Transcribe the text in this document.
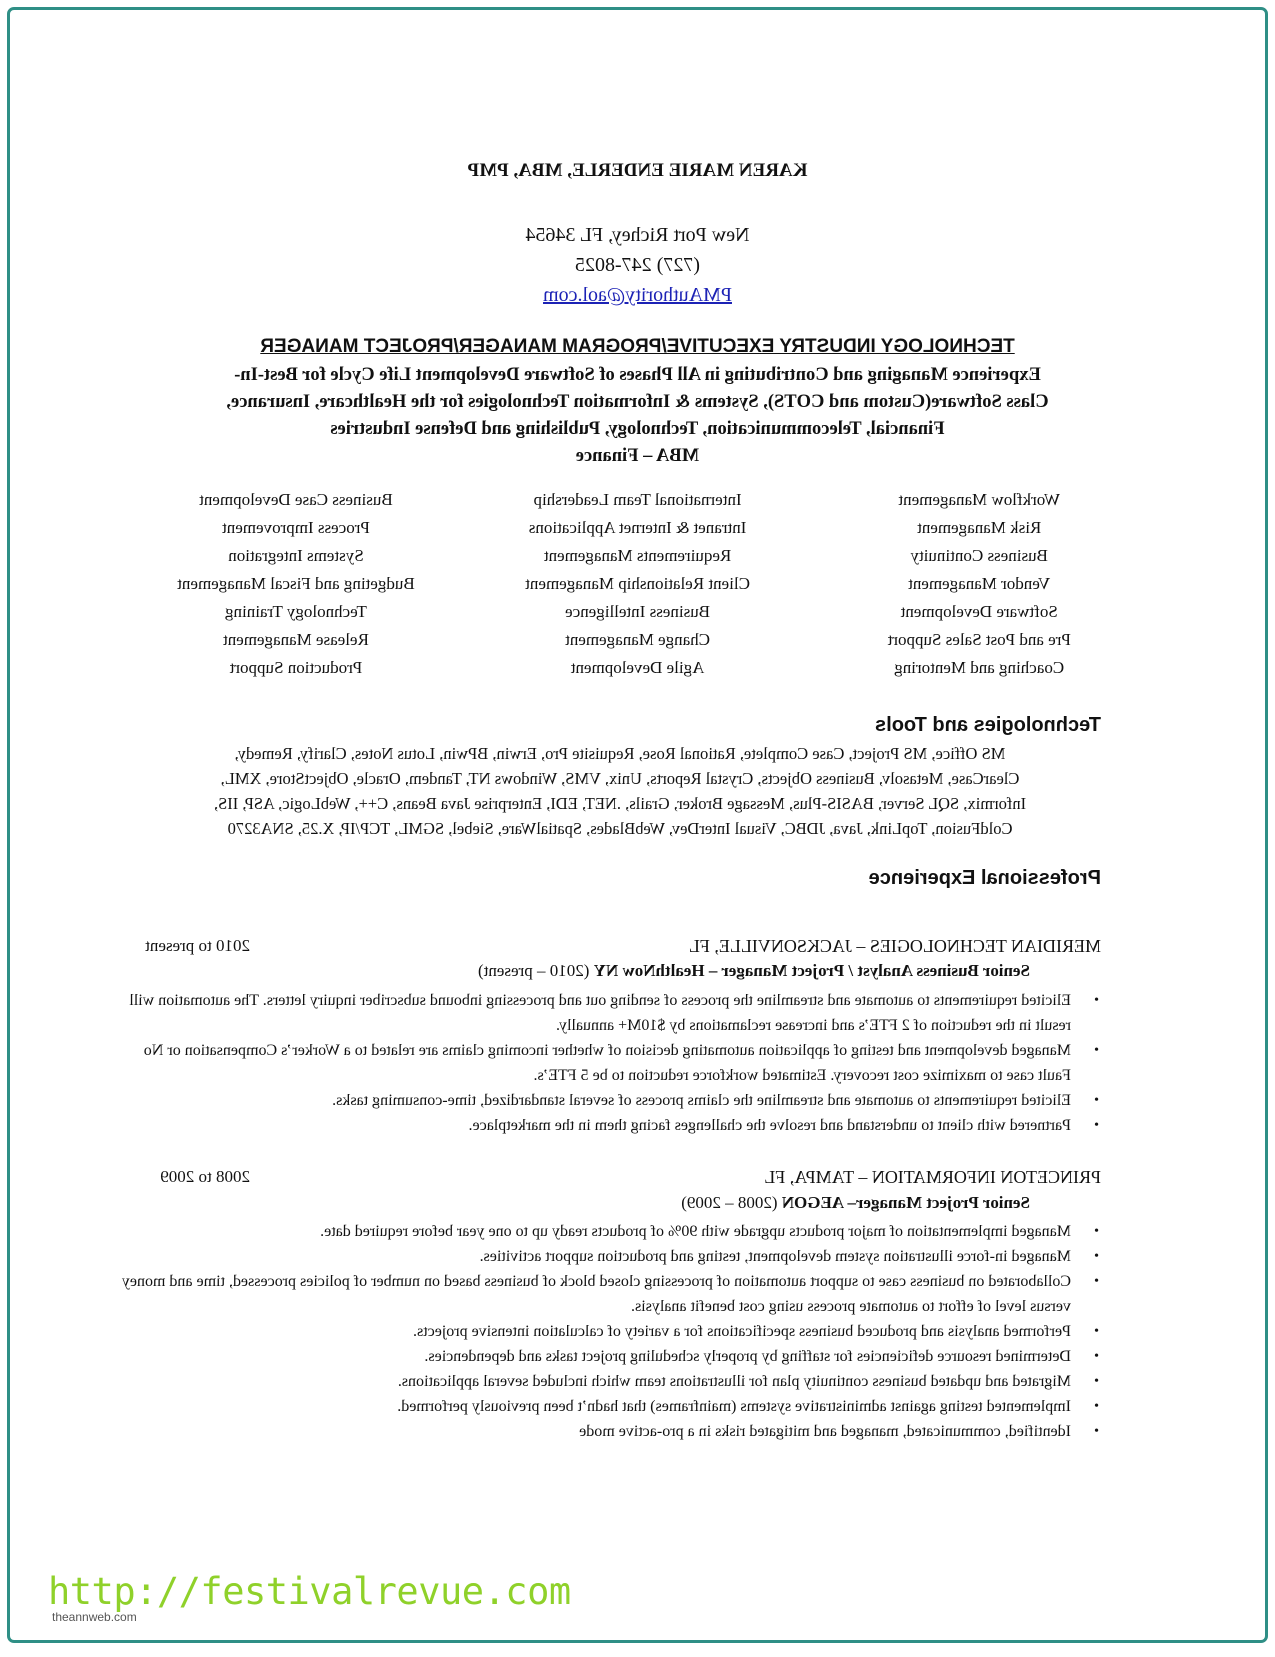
KAREN MARIE ENDERLE, MBA, PMP
New Port Richey, FL 34654
(727) 247-8025
PMAuthority@aol.com
TECHNOLOGY INDUSTRY EXECUTIVE/PROGRAM MANAGER/PROJECT MANAGER
Experience Managing and Contributing in All Phases of Software Development Life Cycle for Best-In-
Class Software(Custom and COTS), Systems & Information Technologies for the Healthcare, Insurance,
Financial, Telecommunication, Technology, Publishing and Defense Industries
MBA – Finance
Workflow Management
Risk Management
Business Continuity
Vendor Management
Software Development
Pre and Post Sales Support
Coaching and Mentoring
International Team Leadership
Intranet & Internet Applications
Requirements Management
Client Relationship Management
Business Intelligence
Change Management
Agile Development
Business Case Development
Process Improvement
Systems Integration
Budgeting and Fiscal Management
Technology Training
Release Management
Production Support
Technologies and Tools
MS Office, MS Project, Case Complete, Rational Rose, Requisite Pro, Erwin, BPwin, Lotus Notes, Clarify, Remedy,
ClearCase, Metasolv, Business Objects, Crystal Reports, Unix, VMS, Windows NT, Tandem, Oracle, ObjectStore, XML,
Informix, SQL Server, BASIS-Plus, Message Broker, Grails, .NET, EDI, Enterprise Java Beans, C++, WebLogic, ASP, IIS,
ColdFusion, TopLink, Java, JDBC, Visual InterDev, WebBlades, SpatialWare, Siebel, SGML, TCP/IP, X.25, SNA3270
Professional Experience
MERIDIAN TECHNOLOGIES – JACKSONVILLE, FL
2010 to present
Senior Business Analyst / Project Manager – HealthNow NY (2010 – present)
• Elicited requirements to automate and streamline the process of sending out and processing inbound subscriber inquiry letters. The automation will result in the reduction of 2 FTE’s and increase reclamations by $10M+ annually.
• Managed development and testing of application automating decision of whether incoming claims are related to a Worker’s Compensation or No Fault case to maximize cost recovery. Estimated workforce reduction to be 5 FTE’s.
• Elicited requirements to automate and streamline the claims process of several standardized, time-consuming tasks.
• Partnered with client to understand and resolve the challenges facing them in the marketplace.
PRINCETON INFORMATION – TAMPA, FL
2008 to 2009
Senior Project Manager– AEGON (2008 – 2009)
• Managed implementation of major products upgrade with 90% of products ready up to one year before required date.
• Managed in-force illustration system development, testing and production support activities.
• Collaborated on business case to support automation of processing closed block of business based on number of policies processed, time and money versus level of effort to automate process using cost benefit analysis.
• Performed analysis and produced business specifications for a variety of calculation intensive projects.
• Determined resource deficiencies for staffing by properly scheduling project tasks and dependencies.
• Migrated and updated business continuity plan for illustrations team which included several applications.
• Implemented testing against administrative systems (mainframes) that hadn’t been previously performed.
• Identified, communicated, managed and mitigated risks in a pro-active mode
http://festivalrevue.com
theannweb.com
